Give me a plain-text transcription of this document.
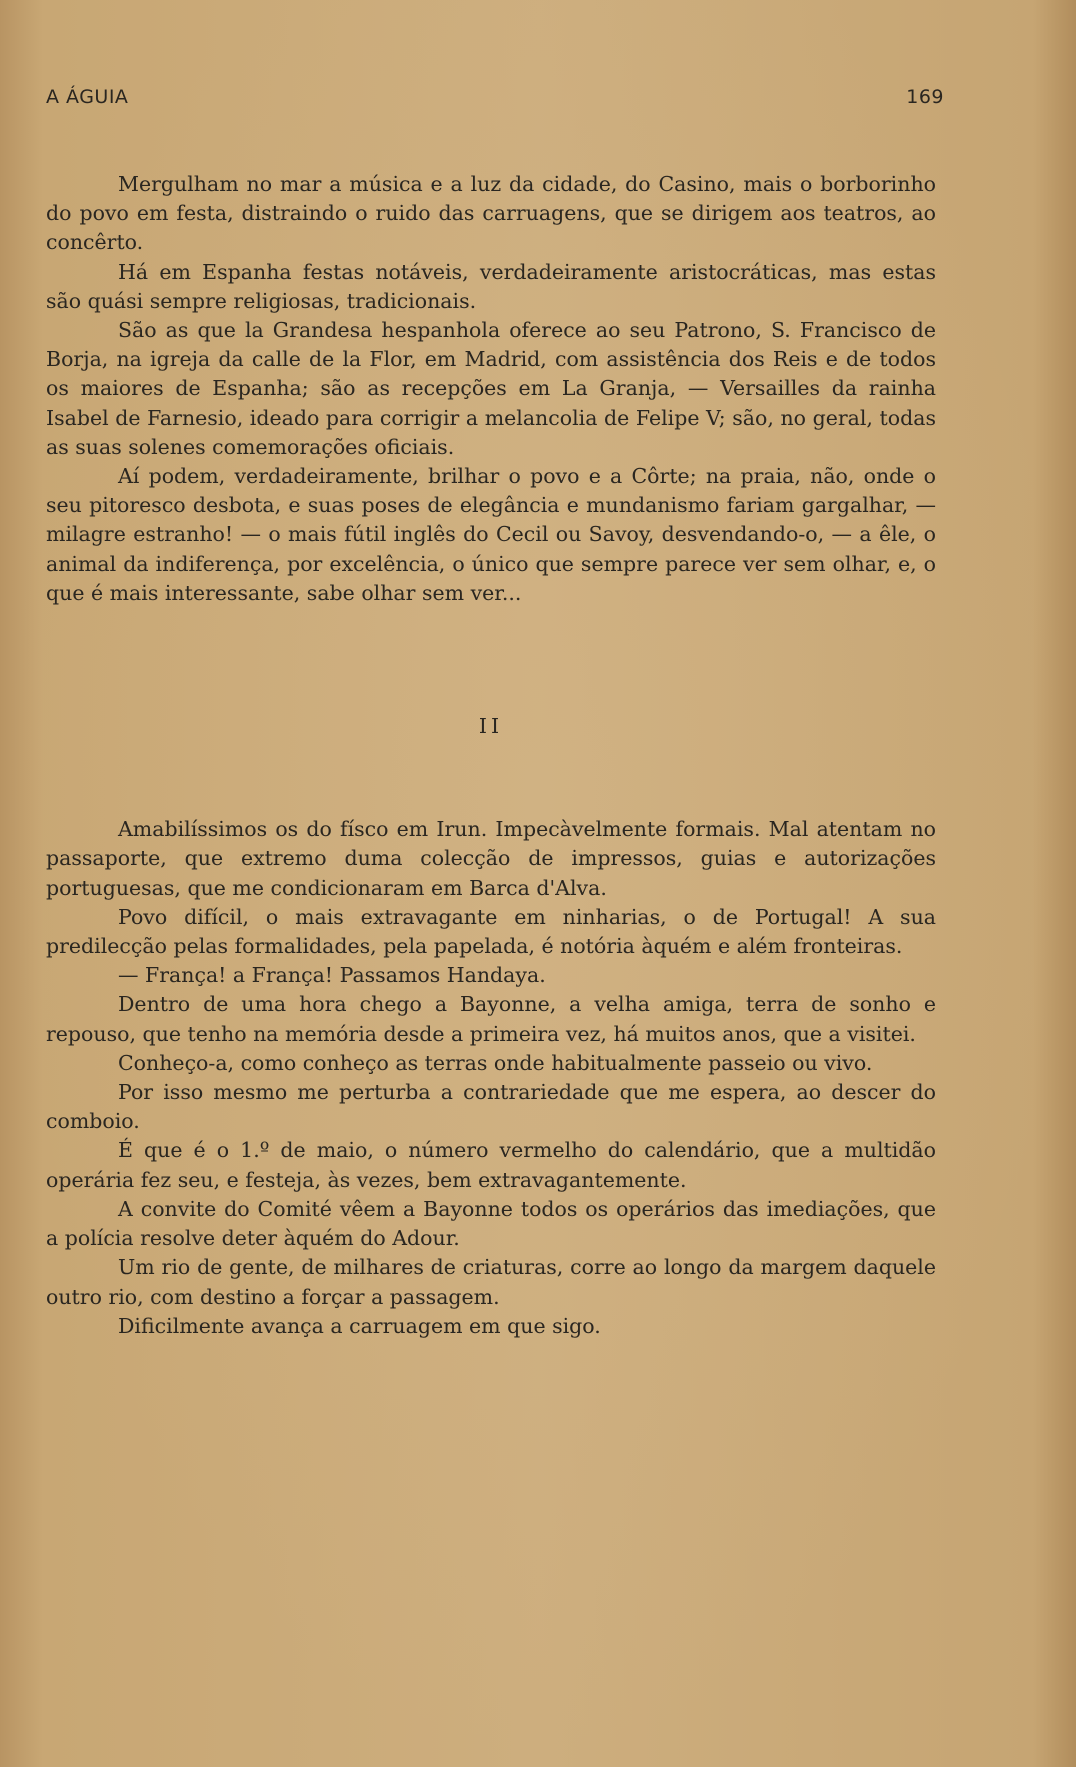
A ÁGUIA	169

Mergulham no mar a música e a luz da cidade, do Casino, mais o borborinho do povo em festa, distraindo o ruido das carruagens, que se dirigem aos teatros, ao concêrto.

Há em Espanha festas notáveis, verdadeiramente aristocráticas, mas estas são quási sempre religiosas, tradicionais.

São as que la Grandesa hespanhola oferece ao seu Patrono, S. Francisco de Borja, na igreja da calle de la Flor, em Madrid, com assistência dos Reis e de todos os maiores de Espanha; são as recepções em La Granja, — Versailles da rainha Isabel de Farnesio, ideado para corrigir a melancolia de Felipe V; são, no geral, todas as suas solenes comemorações oficiais.

Aí podem, verdadeiramente, brilhar o povo e a Côrte; na praia, não, onde o seu pitoresco desbota, e suas poses de elegância e mundanismo fariam gargalhar, — milagre estranho! — o mais fútil inglês do Cecil ou Savoy, desvendando-o, — a êle, o animal da indiferença, por excelência, o único que sempre parece ver sem olhar, e, o que é mais interessante, sabe olhar sem ver...

II

Amabilíssimos os do físco em Irun. Impecàvelmente formais. Mal atentam no passaporte, que extremo duma colecção de impressos, guias e autorizações portuguesas, que me condicionaram em Barca d'Alva.

Povo difícil, o mais extravagante em ninharias, o de Portugal! A sua predilecção pelas formalidades, pela papelada, é notória àquém e além fronteiras.

— França! a França! Passamos Handaya.

Dentro de uma hora chego a Bayonne, a velha amiga, terra de sonho e repouso, que tenho na memória desde a primeira vez, há muitos anos, que a visitei.

Conheço-a, como conheço as terras onde habitualmente passeio ou vivo.

Por isso mesmo me perturba a contrariedade que me espera, ao descer do comboio.

É que é o 1.º de maio, o número vermelho do calendário, que a multidão operária fez seu, e festeja, às vezes, bem extravagantemente.

A convite do Comité vêem a Bayonne todos os operários das imediações, que a polícia resolve deter àquém do Adour.

Um rio de gente, de milhares de criaturas, corre ao longo da margem daquele outro rio, com destino a forçar a passagem.

Dificilmente avança a carruagem em que sigo.
